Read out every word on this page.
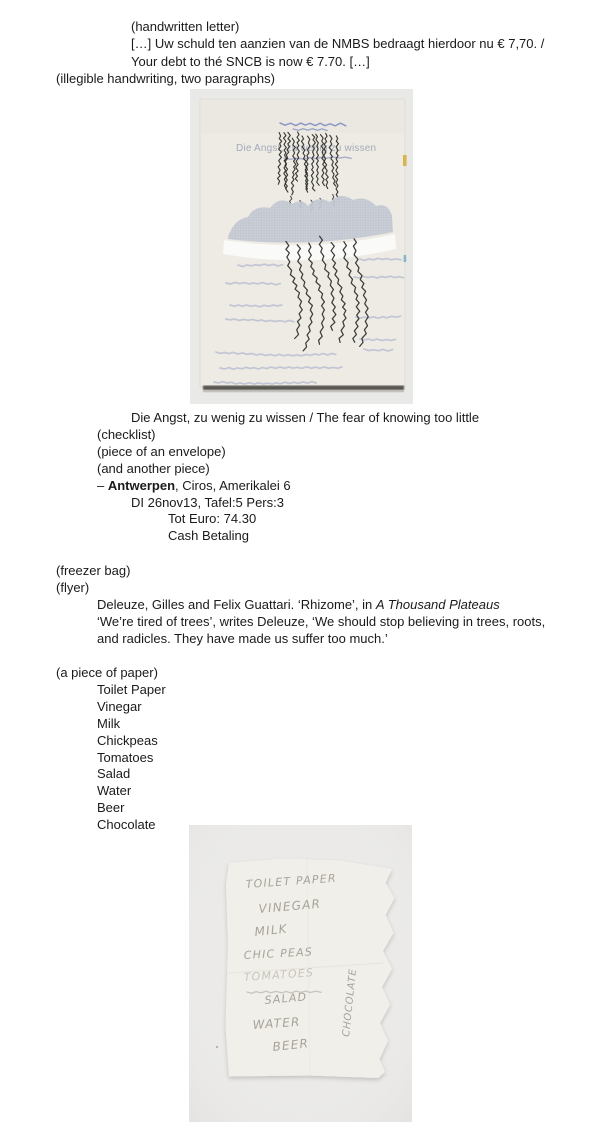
(handwritten letter)
[…] Uw schuld ten aanzien van de NMBS bedraagt hierdoor nu € 7,70. /
Your debt to thé SNCB is now € 7.70. […]
(illegible handwriting, two paragraphs)
Die Angst, zu wenig zu wissen
Die Angst, zu wenig zu wissen / The fear of knowing too little
(checklist)
(piece of an envelope)
(and another piece)
– Antwerpen, Ciros, Amerikalei 6
DI 26nov13, Tafel:5 Pers:3
Tot Euro: 74.30
Cash Betaling
(freezer bag)
(flyer)
Deleuze, Gilles and Felix Guattari. ‘Rhizome’, in A Thousand Plateaus
‘We’re tired of trees’, writes Deleuze, ‘We should stop believing in trees, roots,
and radicles. They have made us suffer too much.’
(a piece of paper)
Toilet Paper
Vinegar
Milk
Chickpeas
Tomatoes
Salad
Water
Beer
Chocolate
TOILET PAPER
VINEGAR
MILK
CHIC PEAS
TOMATOES
SALAD
WATER
BEER
CHOCOLATE
